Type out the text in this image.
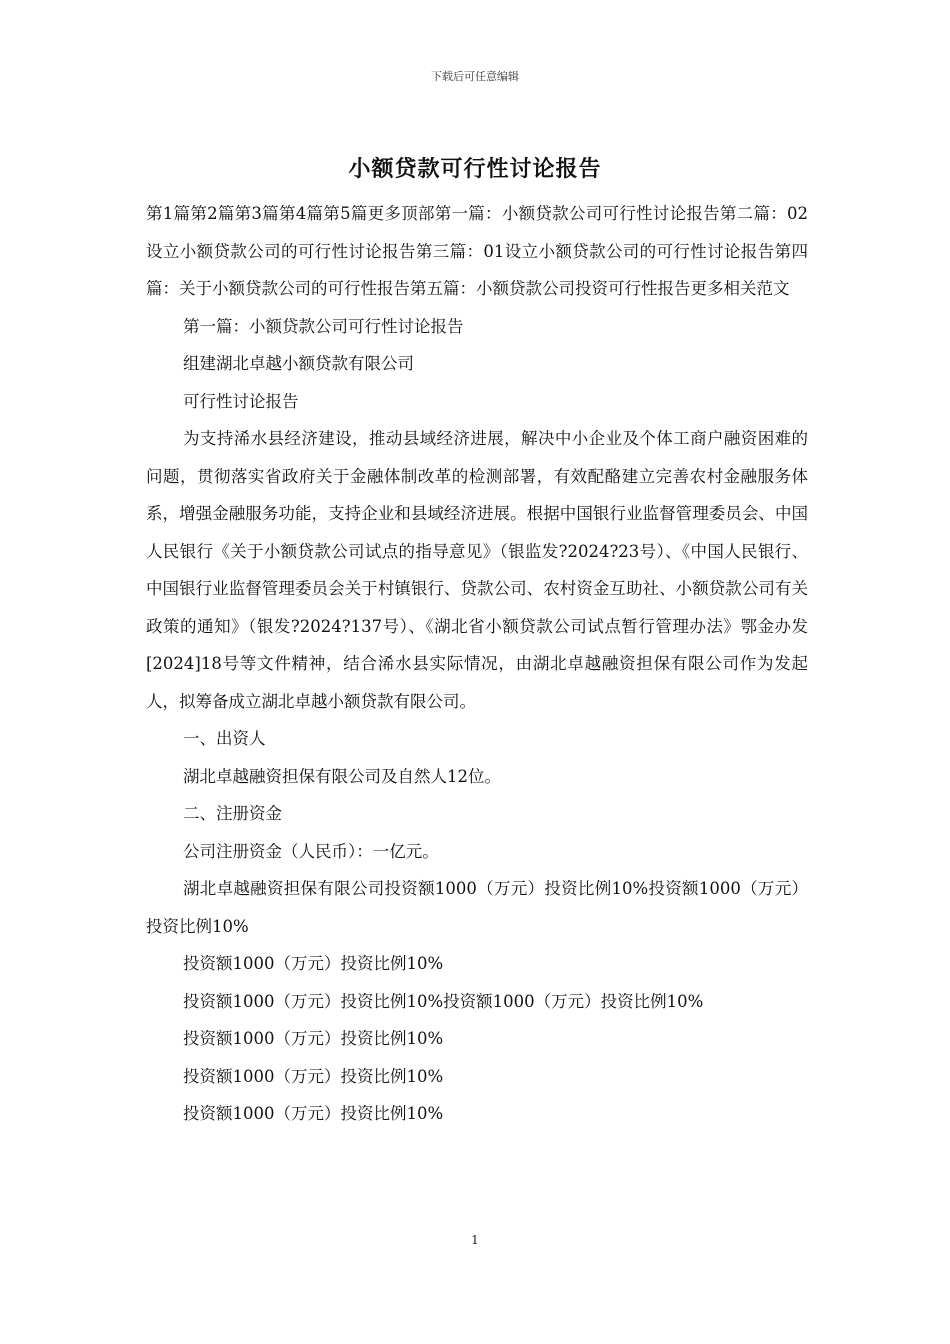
下载后可任意编辑
小额贷款可行性讨论报告

第1篇第2篇第3篇第4篇第5篇更多顶部第一篇：小额贷款公司可行性讨论报告第二篇：02设立小额贷款公司的可行性讨论报告第三篇：01设立小额贷款公司的可行性讨论报告第四篇：关于小额贷款公司的可行性报告第五篇：小额贷款公司投资可行性报告更多相关范文

第一篇：小额贷款公司可行性讨论报告

组建湖北卓越小额贷款有限公司

可行性讨论报告

为支持浠水县经济建设，推动县域经济进展，解决中小企业及个体工商户融资困难的问题，贯彻落实省政府关于金融体制改革的检测部署，有效配酪建立完善农村金融服务体系，增强金融服务功能，支持企业和县域经济进展。根据中国银行业监督管理委员会、中国人民银行《关于小额贷款公司试点的指导意见》（银监发?2024?23号）、《中国人民银行、中国银行业监督管理委员会关于村镇银行、贷款公司、农村资金互助社、小额贷款公司有关政策的通知》（银发?2024?137号）、《湖北省小额贷款公司试点暂行管理办法》鄂金办发[2024]18号等文件精神，结合浠水县实际情况，由湖北卓越融资担保有限公司作为发起人，拟筹备成立湖北卓越小额贷款有限公司。

一、出资人

湖北卓越融资担保有限公司及自然人12位。

二、注册资金

公司注册资金（人民币）：一亿元。

湖北卓越融资担保有限公司投资额1000（万元）投资比例10%投资额1000（万元）投资比例10%

投资额1000（万元）投资比例10%

投资额1000（万元）投资比例10%投资额1000（万元）投资比例10%

投资额1000（万元）投资比例10%

投资额1000（万元）投资比例10%

投资额1000（万元）投资比例10%

1
